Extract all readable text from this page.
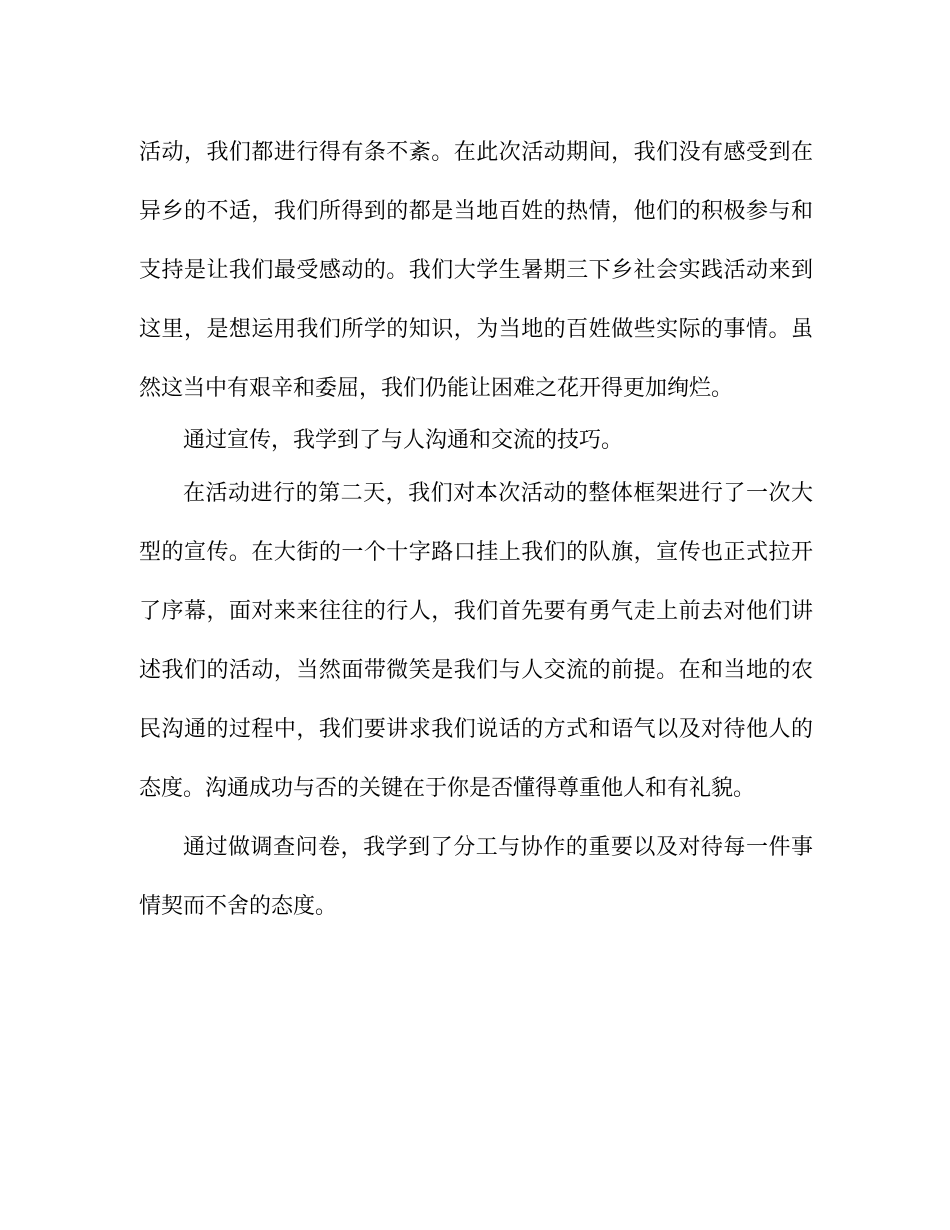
活动，我们都进行得有条不紊。在此次活动期间，我们没有感受到在异乡的不适，我们所得到的都是当地百姓的热情，他们的积极参与和支持是让我们最受感动的。我们大学生暑期三下乡社会实践活动来到这里，是想运用我们所学的知识，为当地的百姓做些实际的事情。虽然这当中有艰辛和委屈，我们仍能让困难之花开得更加绚烂。

通过宣传，我学到了与人沟通和交流的技巧。

在活动进行的第二天，我们对本次活动的整体框架进行了一次大型的宣传。在大街的一个十字路口挂上我们的队旗，宣传也正式拉开了序幕，面对来来往往的行人，我们首先要有勇气走上前去对他们讲述我们的活动，当然面带微笑是我们与人交流的前提。在和当地的农民沟通的过程中，我们要讲求我们说话的方式和语气以及对待他人的态度。沟通成功与否的关键在于你是否懂得尊重他人和有礼貌。

通过做调查问卷，我学到了分工与协作的重要以及对待每一件事情契而不舍的态度。
